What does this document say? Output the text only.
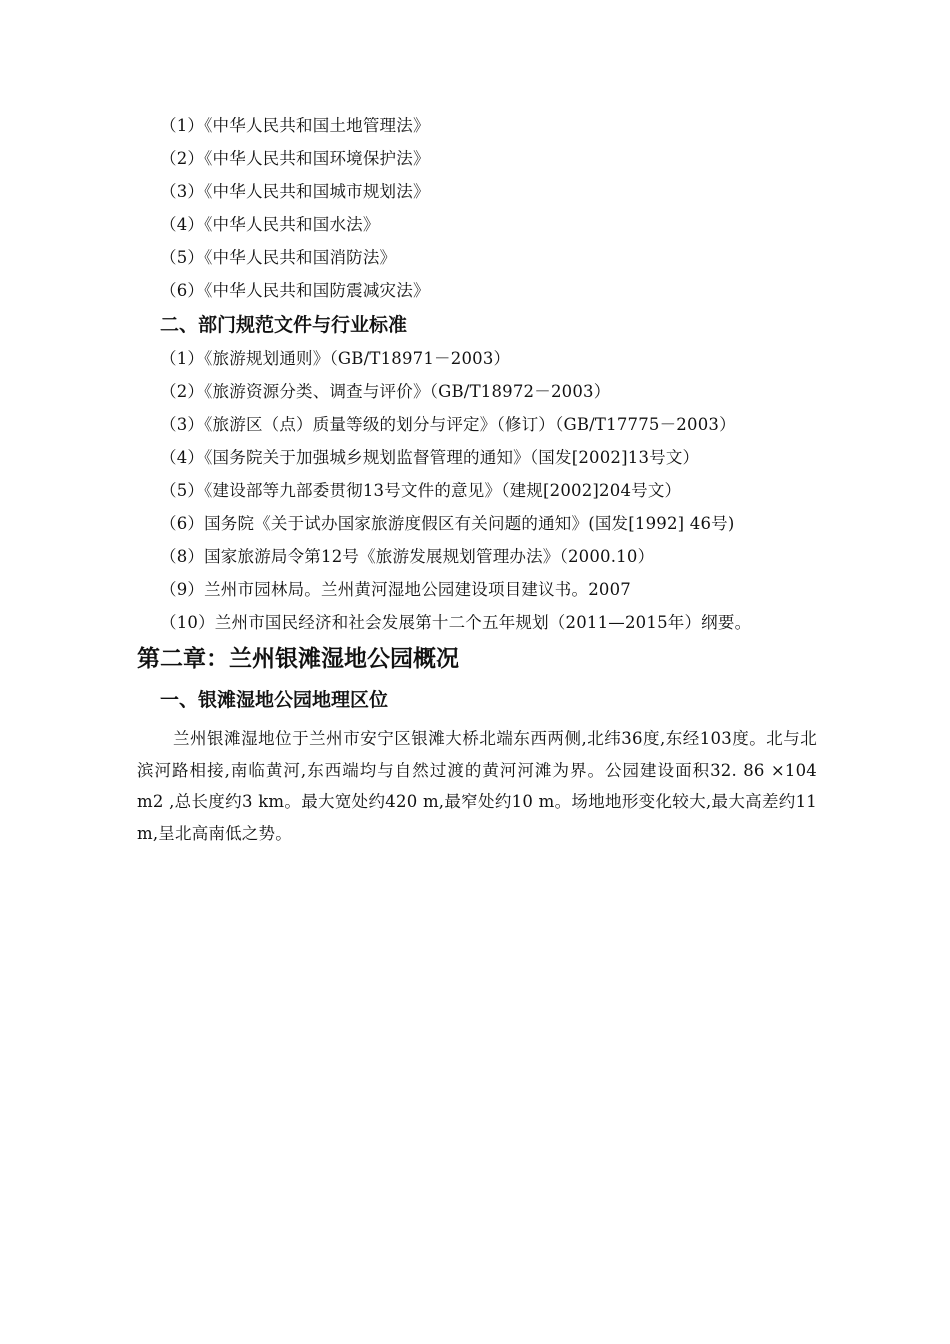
（1）《中华人民共和国土地管理法》
（2）《中华人民共和国环境保护法》
（3）《中华人民共和国城市规划法》
（4）《中华人民共和国水法》
（5）《中华人民共和国消防法》
（6）《中华人民共和国防震减灾法》
二、部门规范文件与行业标准
（1）《旅游规划通则》（GB/T18971－2003）
（2）《旅游资源分类、调查与评价》（GB/T18972－2003）
（3）《旅游区（点）质量等级的划分与评定》（修订）（GB/T17775－2003）
（4）《国务院关于加强城乡规划监督管理的通知》（国发[2002]13号文）
（5）《建设部等九部委贯彻13号文件的意见》（建规[2002]204号文）
（6）国务院《关于试办国家旅游度假区有关问题的通知》(国发[1992] 46号)
（8）国家旅游局令第12号《旅游发展规划管理办法》（2000.10）
（9）兰州市园林局。兰州黄河湿地公园建设项目建议书。2007
（10）兰州市国民经济和社会发展第十二个五年规划（2011—2015年）纲要。
第二章：兰州银滩湿地公园概况
一、银滩湿地公园地理区位

兰州银滩湿地位于兰州市安宁区银滩大桥北端东西两侧,北纬36度,东经103度。北与北滨河路相接,南临黄河,东西端均与自然过渡的黄河河滩为界。公园建设面积32. 86 ×104 m2 ,总长度约3 km。最大宽处约420 m,最窄处约10 m。场地地形变化较大,最大高差约11 m,呈北高南低之势。
